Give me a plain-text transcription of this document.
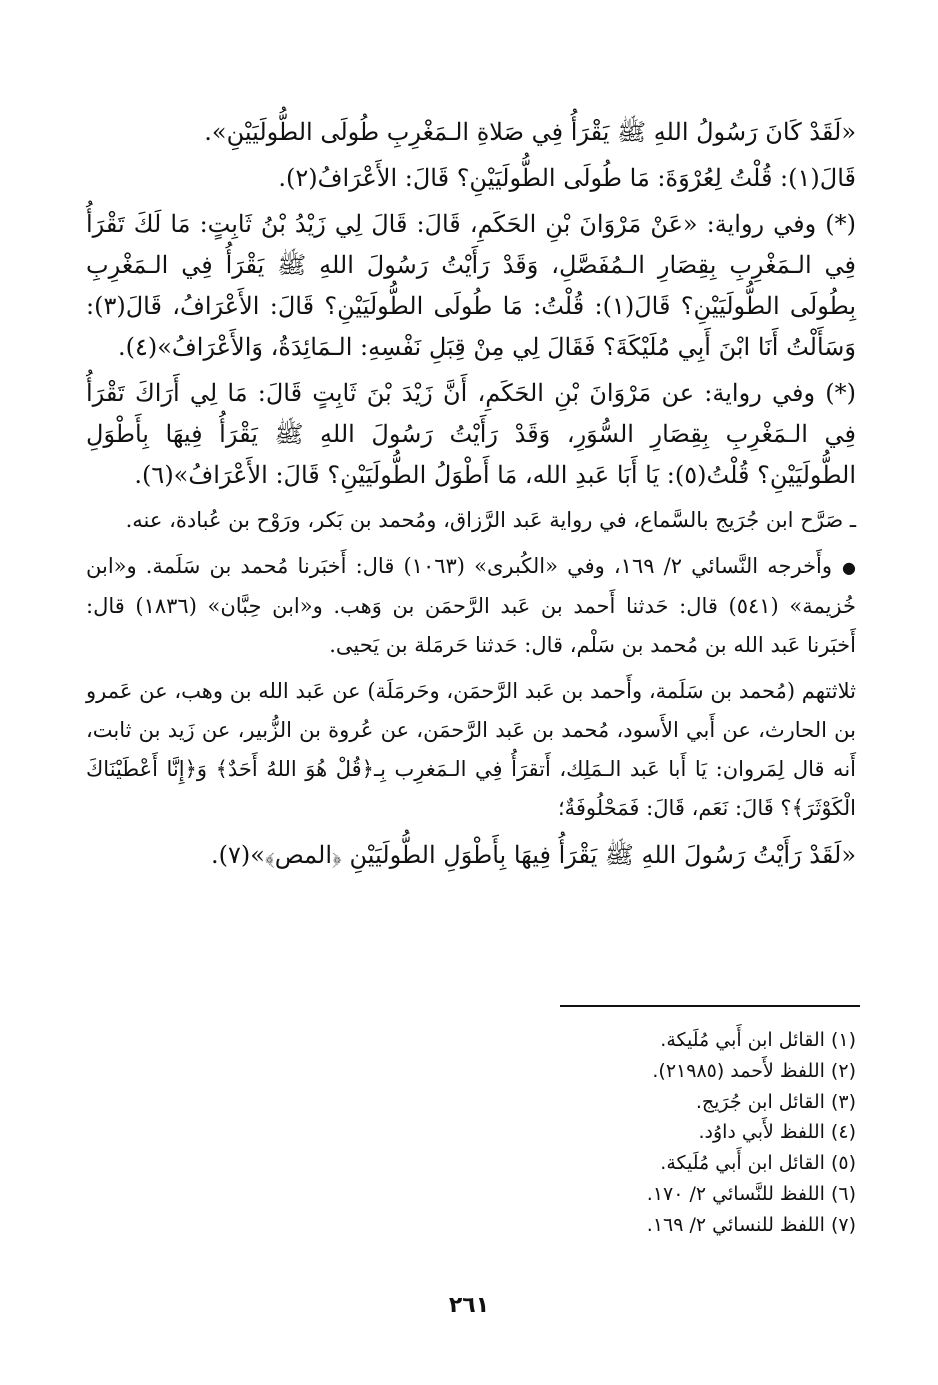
«لَقَدْ كَانَ رَسُولُ اللهِ ﷺ يَقْرَأُ فِي صَلاةِ الـمَغْرِبِ طُولَى الطُّولَيَيْنِ».

قَالَ(١): قُلْتُ لِعُرْوَةَ: مَا طُولَى الطُّولَيَيْنِ؟ قَالَ: الأَعْرَافُ(٢).

(*) وفي رواية: «عَنْ مَرْوَانَ بْنِ الحَكَمِ، قَالَ: قَالَ لِي زَيْدُ بْنُ ثَابِتٍ: مَا لَكَ تَقْرَأُ فِي الـمَغْرِبِ بِقِصَارِ الـمُفَصَّلِ، وَقَدْ رَأَيْتُ رَسُولَ اللهِ ﷺ يَقْرَأُ فِي الـمَغْرِبِ بِطُولَى الطُّولَيَيْنِ؟ قَالَ(١): قُلْتُ: مَا طُولَى الطُّولَيَيْنِ؟ قَالَ: الأَعْرَافُ، قَالَ(٣): وَسَأَلْتُ أَنَا ابْنَ أَبِي مُلَيْكَةَ؟ فَقَالَ لِي مِنْ قِبَلِ نَفْسِهِ: الـمَائِدَةُ، وَالأَعْرَافُ»(٤).

(*) وفي رواية: عن مَرْوَانَ بْنِ الحَكَمِ، أَنَّ زَيْدَ بْنَ ثَابِتٍ قَالَ: مَا لِي أَرَاكَ تَقْرَأُ فِي الـمَغْرِبِ بِقِصَارِ السُّوَرِ، وَقَدْ رَأَيْتُ رَسُولَ اللهِ ﷺ يَقْرَأُ فِيهَا بِأَطْوَلِ الطُّولَيَيْنِ؟ قُلْتُ(٥): يَا أَبَا عَبدِ الله، مَا أَطْوَلُ الطُّولَيَيْنِ؟ قَالَ: الأَعْرَافُ»(٦).

ـ صَرَّح ابن جُرَيج بالسَّماع، في رواية عَبد الرَّزاق، ومُحمد بن بَكر، ورَوْح بن عُبادة، عنه.

●وأَخرجه النَّسائي ٢/ ١٦٩، وفي «الكُبرى» (١٠٦٣) قال: أَخبَرنا مُحمد بن سَلَمة. و«ابن خُزيمة» (٥٤١) قال: حَدثنا أَحمد بن عَبد الرَّحمَن بن وَهب. و«ابن حِبَّان» (١٨٣٦) قال: أَخبَرنا عَبد الله بن مُحمد بن سَلْم، قال: حَدثنا حَرمَلة بن يَحيى.

ثلاثتهم (مُحمد بن سَلَمة، وأَحمد بن عَبد الرَّحمَن، وحَرمَلَة) عن عَبد الله بن وهب، عن عَمرو بن الحارث، عن أَبي الأَسود، مُحمد بن عَبد الرَّحمَن، عن عُروة بن الزُّبير، عن زَيد بن ثابت، أَنه قال لِمَروان: يَا أَبا عَبد الـمَلِك، أَتقرَأُ فِي الـمَغرِب بِـ﴿قُلْ هُوَ اللهُ أَحَدٌ﴾ وَ﴿إِنَّا أَعْطَيْنَاكَ الْكَوْثَرَ﴾؟ قَالَ: نَعَم، قَالَ: فَمَحْلُوفَةٌ؛

«لَقَدْ رَأَيْتُ رَسُولَ اللهِ ﷺ يَقْرَأُ فِيهَا بِأَطْوَلِ الطُّولَيَيْنِ ﴿المص﴾»(٧).

(١) القائل ابن أَبي مُلَيكة.
(٢) اللفظ لأَحمد (٢١٩٨٥).
(٣) القائل ابن جُرَيج.
(٤) اللفظ لأَبي داوُد.
(٥) القائل ابن أَبي مُلَيكة.
(٦) اللفظ للنَّسائي ٢/ ١٧٠.
(٧) اللفظ للنسائي ٢/ ١٦٩.
٢٦١
